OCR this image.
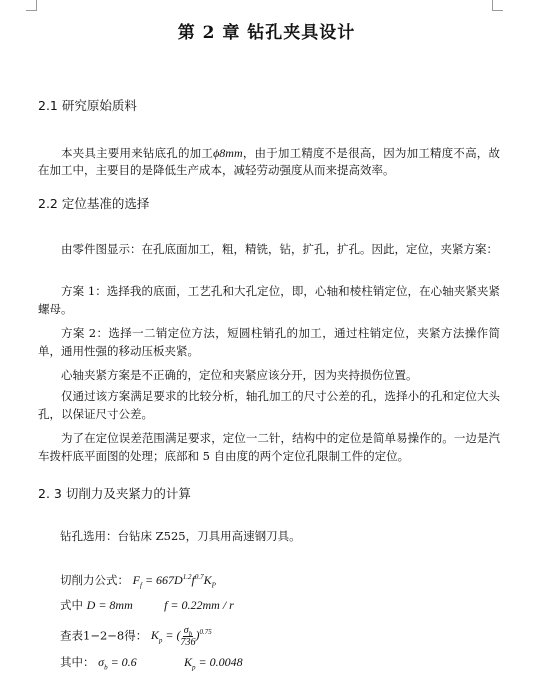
第 2 章 钻孔夹具设计
2.1 研究原始质料
本夹具主要用来钻底孔的加工ϕ8mm，由于加工精度不是很高，因为加工精度不高，故在加工中，主要目的是降低生产成本，减轻劳动强度从而来提高效率。
2.2 定位基准的选择
由零件图显示：在孔底面加工，粗，精铣，钻，扩孔，扩孔。因此，定位，夹紧方案：
方案 1：选择我的底面，工艺孔和大孔定位，即，心轴和棱柱销定位，在心轴夹紧夹紧螺母。
方案 2：选择一二销定位方法，短圆柱销孔的加工，通过柱销定位，夹紧方法操作简单，通用性强的移动压板夹紧。
心轴夹紧方案是不正确的，定位和夹紧应该分开，因为夹持损伤位置。
仅通过该方案满足要求的比较分析，轴孔加工的尺寸公差的孔，选择小的孔和定位大头孔，以保证尺寸公差。
为了在定位误差范围满足要求，定位一二针，结构中的定位是简单易操作的。一边是汽车拨杆底平面图的处理；底部和 5 自由度的两个定位孔限制工件的定位。
2. 3 切削力及夹紧力的计算
钻孔选用：台钻床 Z525，刀具用高速钢刀具。
切削力公式： $F_f = 667D^{1.2}f^{0.7}K_P$
式中 D = 8mm	f = 0.22mm / r
查表1−2−8得： $K_p$ = ( $\frac{\sigma_b}{736} )^{0.75}$
其中： $\sigma_b = 0.6$	$K_p = 0.0048$
